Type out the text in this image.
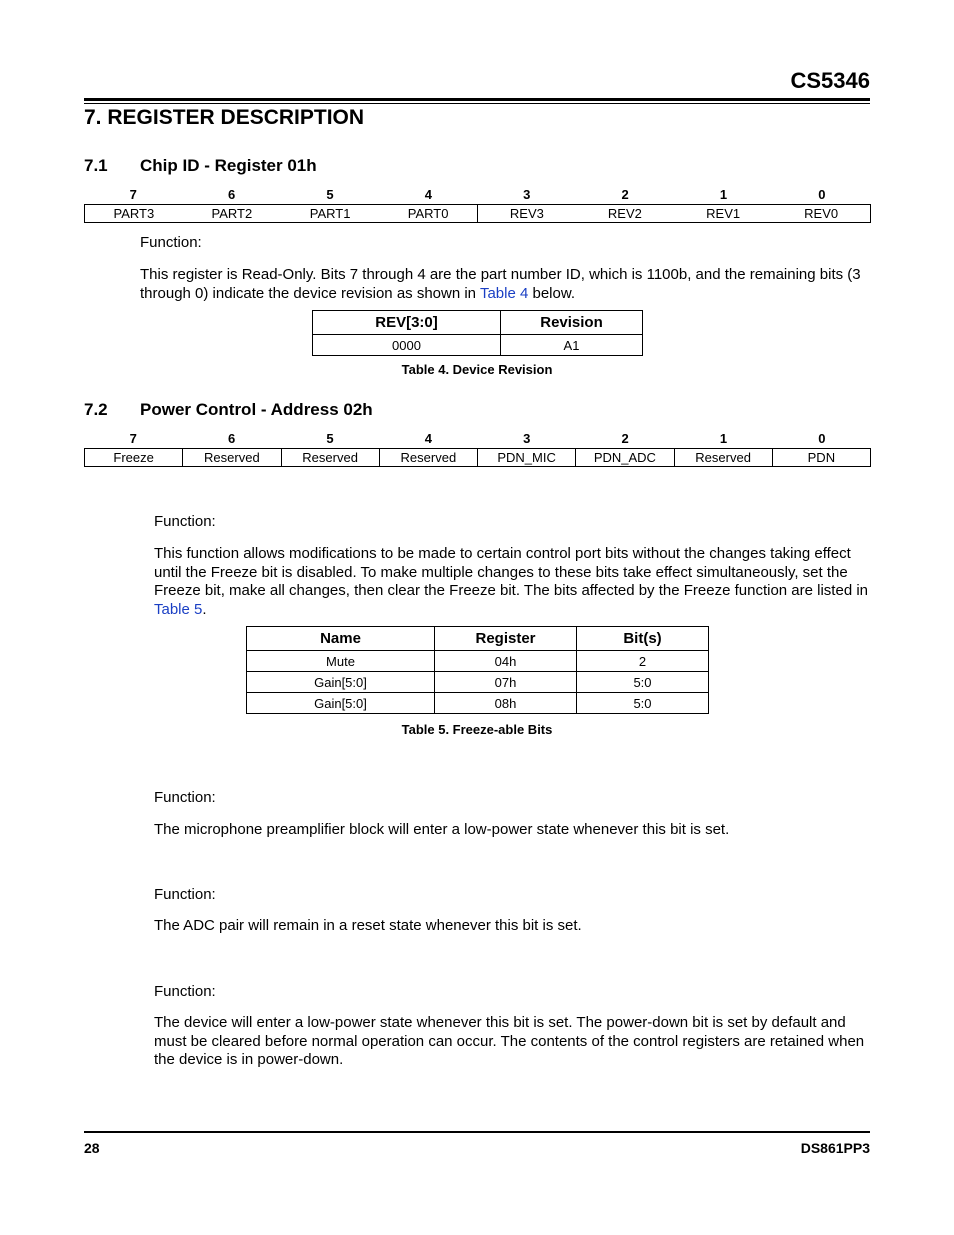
CS5346
7. REGISTER DESCRIPTION
7.1 Chip ID - Register 01h
7	6	5	4	3	2	1	0
PART3	PART2	PART1	PART0	REV3	REV2	REV1	REV0
Function:
This register is Read-Only. Bits 7 through 4 are the part number ID, which is 1100b, and the remaining bits (3 through 0) indicate the device revision as shown in Table 4 below.
REV[3:0]	Revision
0000	A1
Table 4. Device Revision
7.2 Power Control - Address 02h
7	6	5	4	3	2	1	0
Freeze	Reserved	Reserved	Reserved	PDN_MIC	PDN_ADC	Reserved	PDN
Function:
This function allows modifications to be made to certain control port bits without the changes taking effect until the Freeze bit is disabled. To make multiple changes to these bits take effect simultaneously, set the Freeze bit, make all changes, then clear the Freeze bit. The bits affected by the Freeze function are listed in Table 5.
Name	Register	Bit(s)
Mute	04h	2
Gain[5:0]	07h	5:0
Gain[5:0]	08h	5:0
Table 5. Freeze-able Bits
Function:
The microphone preamplifier block will enter a low-power state whenever this bit is set.
Function:
The ADC pair will remain in a reset state whenever this bit is set.
Function:
The device will enter a low-power state whenever this bit is set. The power-down bit is set by default and must be cleared before normal operation can occur. The contents of the control registers are retained when the device is in power-down.
28	DS861PP3
